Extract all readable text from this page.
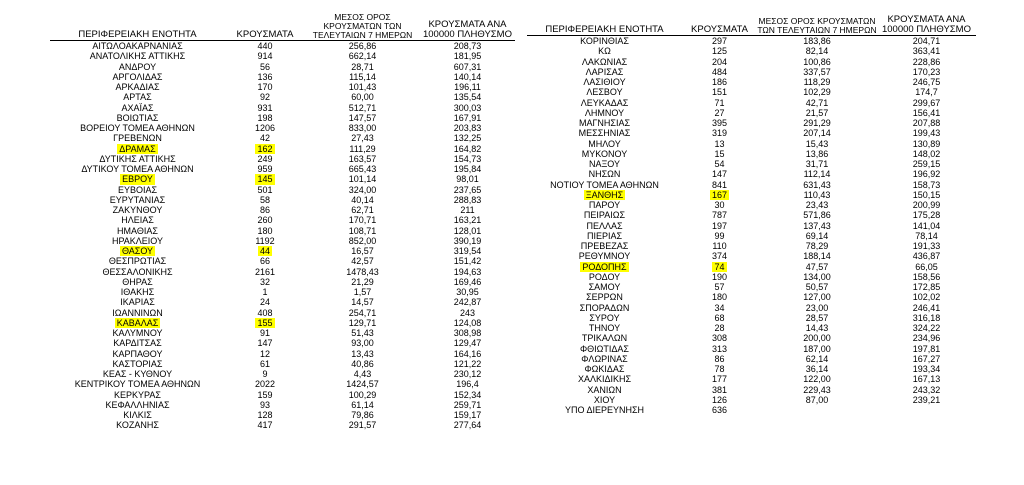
ΠΕΡΙΦΕΡΕΙΑΚΗ ΕΝΟΤΗΤΑ	ΚΡΟΥΣΜΑΤΑ	ΜΕΣΟΣ ΟΡΟΣ ΚΡΟΥΣΜΑΤΩΝ ΤΩΝ ΤΕΛΕΥΤΑΙΩΝ 7 ΗΜΕΡΩΝ	ΚΡΟΥΣΜΑΤΑ ΑΝΑ 100000 ΠΛΗΘΥΣΜΟ
ΑΙΤΩΛΟΑΚΑΡΝΑΝΙΑΣ	440	256,86	208,73
ΑΝΑΤΟΛΙΚΗΣ ΑΤΤΙΚΗΣ	914	662,14	181,95
ΑΝΔΡΟΥ	56	28,71	607,31
ΑΡΓΟΛΙΔΑΣ	136	115,14	140,14
ΑΡΚΑΔΙΑΣ	170	101,43	196,11
ΑΡΤΑΣ	92	60,00	135,54
ΑΧΑΪΑΣ	931	512,71	300,03
ΒΟΙΩΤΙΑΣ	198	147,57	167,91
ΒΟΡΕΙΟΥ ΤΟΜΕΑ ΑΘΗΝΩΝ	1206	833,00	203,83
ΓΡΕΒΕΝΩΝ	42	27,43	132,25
ΔΡΑΜΑΣ	162	111,29	164,82
ΔΥΤΙΚΗΣ ΑΤΤΙΚΗΣ	249	163,57	154,73
ΔΥΤΙΚΟΥ ΤΟΜΕΑ ΑΘΗΝΩΝ	959	665,43	195,84
ΕΒΡΟΥ	145	101,14	98,01
ΕΥΒΟΙΑΣ	501	324,00	237,65
ΕΥΡΥΤΑΝΙΑΣ	58	40,14	288,83
ΖΑΚΥΝΘΟΥ	86	62,71	211
ΗΛΕΙΑΣ	260	170,71	163,21
ΗΜΑΘΙΑΣ	180	108,71	128,01
ΗΡΑΚΛΕΙΟΥ	1192	852,00	390,19
ΘΑΣΟΥ	44	16,57	319,54
ΘΕΣΠΡΩΤΙΑΣ	66	42,57	151,42
ΘΕΣΣΑΛΟΝΙΚΗΣ	2161	1478,43	194,63
ΘΗΡΑΣ	32	21,29	169,46
ΙΘΑΚΗΣ	1	1,57	30,95
ΙΚΑΡΙΑΣ	24	14,57	242,87
ΙΩΑΝΝΙΝΩΝ	408	254,71	243
ΚΑΒΑΛΑΣ	155	129,71	124,08
ΚΑΛΥΜΝΟΥ	91	51,43	308,98
ΚΑΡΔΙΤΣΑΣ	147	93,00	129,47
ΚΑΡΠΑΘΟΥ	12	13,43	164,16
ΚΑΣΤΟΡΙΑΣ	61	40,86	121,22
ΚΕΑΣ - ΚΥΘΝΟΥ	9	4,43	230,12
ΚΕΝΤΡΙΚΟΥ ΤΟΜΕΑ ΑΘΗΝΩΝ	2022	1424,57	196,4
ΚΕΡΚΥΡΑΣ	159	100,29	152,34
ΚΕΦΑΛΛΗΝΙΑΣ	93	61,14	259,71
ΚΙΛΚΙΣ	128	79,86	159,17
ΚΟΖΑΝΗΣ	417	291,57	277,64
ΠΕΡΙΦΕΡΕΙΑΚΗ ΕΝΟΤΗΤΑ	ΚΡΟΥΣΜΑΤΑ	ΜΕΣΟΣ ΟΡΟΣ ΚΡΟΥΣΜΑΤΩΝ ΤΩΝ ΤΕΛΕΥΤΑΙΩΝ 7 ΗΜΕΡΩΝ	ΚΡΟΥΣΜΑΤΑ ΑΝΑ 100000 ΠΛΗΘΥΣΜΟ
ΚΟΡΙΝΘΙΑΣ	297	183,86	204,71
ΚΩ	125	82,14	363,41
ΛΑΚΩΝΙΑΣ	204	100,86	228,86
ΛΑΡΙΣΑΣ	484	337,57	170,23
ΛΑΣΙΘΙΟΥ	186	118,29	246,75
ΛΕΣΒΟΥ	151	102,29	174,7
ΛΕΥΚΑΔΑΣ	71	42,71	299,67
ΛΗΜΝΟΥ	27	21,57	156,41
ΜΑΓΝΗΣΙΑΣ	395	291,29	207,88
ΜΕΣΣΗΝΙΑΣ	319	207,14	199,43
ΜΗΛΟΥ	13	15,43	130,89
ΜΥΚΟΝΟΥ	15	13,86	148,02
ΝΑΞΟΥ	54	31,71	259,15
ΝΗΣΩΝ	147	112,14	196,92
ΝΟΤΙΟΥ ΤΟΜΕΑ ΑΘΗΝΩΝ	841	631,43	158,73
ΞΑΝΘΗΣ	167	110,43	150,15
ΠΑΡΟΥ	30	23,43	200,99
ΠΕΙΡΑΙΩΣ	787	571,86	175,28
ΠΕΛΛΑΣ	197	137,43	141,04
ΠΙΕΡΙΑΣ	99	69,14	78,14
ΠΡΕΒΕΖΑΣ	110	78,29	191,33
ΡΕΘΥΜΝΟΥ	374	188,14	436,87
ΡΟΔΟΠΗΣ	74	47,57	66,05
ΡΟΔΟΥ	190	134,00	158,56
ΣΑΜΟΥ	57	50,57	172,85
ΣΕΡΡΩΝ	180	127,00	102,02
ΣΠΟΡΑΔΩΝ	34	23,00	246,41
ΣΥΡΟΥ	68	28,57	316,18
ΤΗΝΟΥ	28	14,43	324,22
ΤΡΙΚΑΛΩΝ	308	200,00	234,96
ΦΘΙΩΤΙΔΑΣ	313	187,00	197,81
ΦΛΩΡΙΝΑΣ	86	62,14	167,27
ΦΩΚΙΔΑΣ	78	36,14	193,34
ΧΑΛΚΙΔΙΚΗΣ	177	122,00	167,13
ΧΑΝΙΩΝ	381	229,43	243,32
ΧΙΟΥ	126	87,00	239,21
ΥΠΟ ΔΙΕΡΕΥΝΗΣΗ	636		
